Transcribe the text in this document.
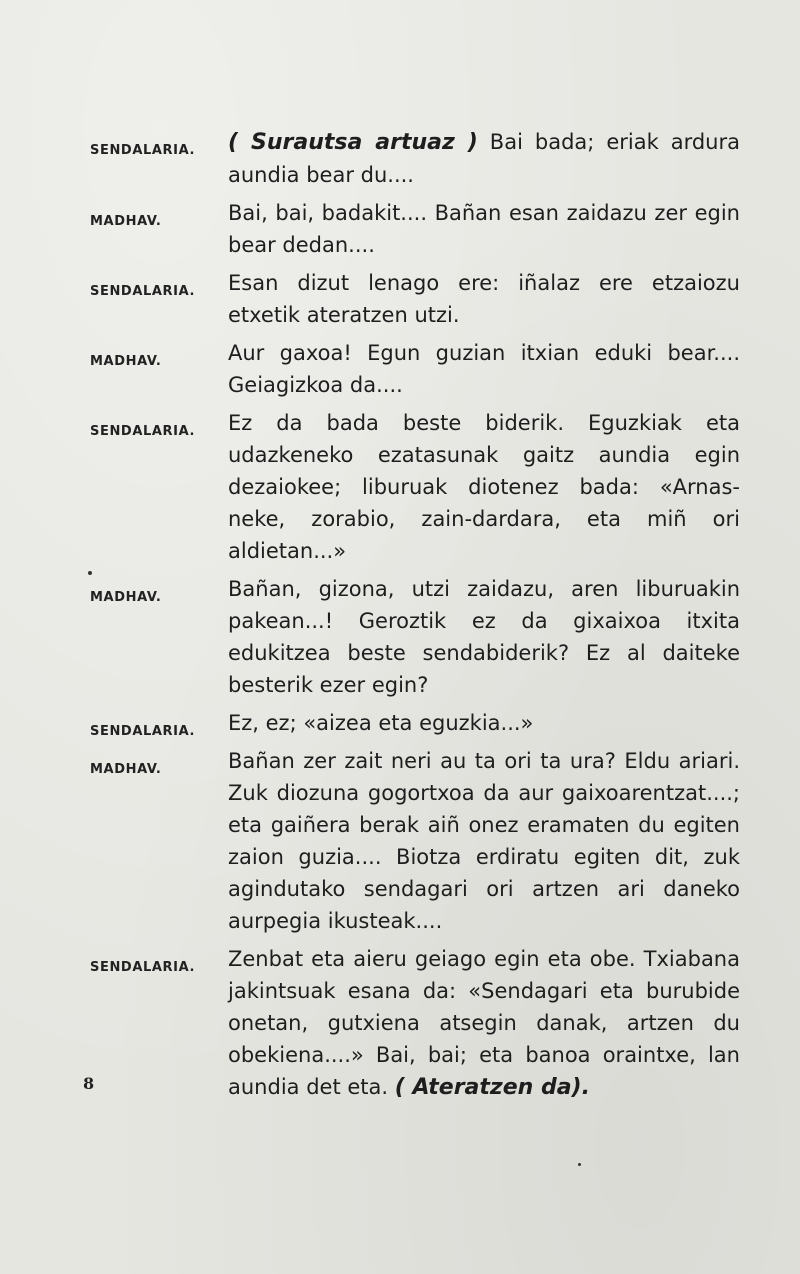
SENDALARIA.	( Surautsa artuaz ) Bai bada; eriak ardura aundia bear du....
MADHAV.	Bai, bai, badakit.... Bañan esan zaidazu zer egin bear dedan....
SENDALARIA.	Esan dizut lenago ere: iñalaz ere etzaiozu etxetik ateratzen utzi.
MADHAV.	Aur gaxoa! Egun guzian itxian eduki bear.... Geiagizkoa da....
SENDALARIA.	Ez da bada beste biderik. Eguzkiak eta udazkeneko ezatasunak gaitz aundia egin dezaiokee; liburuak diotenez bada: «Arnas-neke, zorabio, zain-dardara, eta miñ ori aldietan...»
MADHAV.	Bañan, gizona, utzi zaidazu, aren liburuakin pakean...! Geroztik ez da gixaixoa itxita edukitzea beste sendabiderik? Ez al daiteke besterik ezer egin?
SENDALARIA.	Ez, ez; «aizea eta eguzkia...»
MADHAV.	Bañan zer zait neri au ta ori ta ura? Eldu ariari. Zuk diozuna gogortxoa da aur gaixoarentzat....; eta gaiñera berak aiñ onez eramaten du egiten zaion guzia.... Biotza erdiratu egiten dit, zuk agindutako sendagari ori artzen ari daneko aurpegia ikusteak....
SENDALARIA.	Zenbat eta aieru geiago egin eta obe. Txiabana jakintsuak esana da: «Sendagari eta burubide onetan, gutxiena atsegin danak, artzen du obekiena....» Bai, bai; eta banoa oraintxe, lan aundia det eta. ( Ateratzen da).
8
